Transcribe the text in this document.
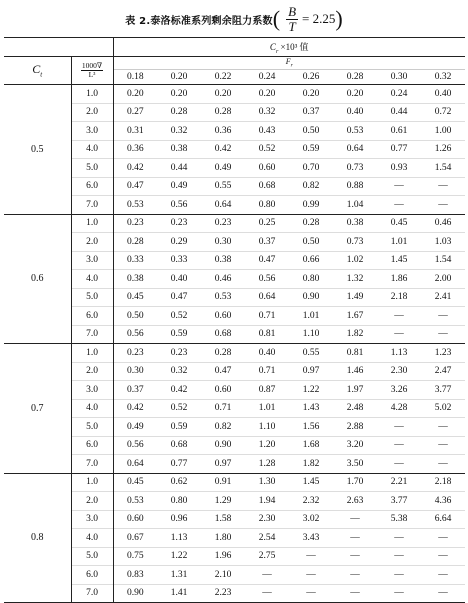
表 2.泰洛标准系列剩余阻力系数 ( $\frac{B}{T} = 2.25$ )
		$C_r \times 10^3$ 值							
$C_t$	$\frac{1000\nabla}{\text{L³}}$	$F_r$
		0.18	0.20	0.22	0.24	0.26	0.28	0.30	0.32
0.5	1.0	0.20	0.20	0.20	0.20	0.20	0.20	0.24	0.40
	2.0	0.27	0.28	0.28	0.32	0.37	0.40	0.44	0.72
	3.0	0.31	0.32	0.36	0.43	0.50	0.53	0.61	1.00
	4.0	0.36	0.38	0.42	0.52	0.59	0.64	0.77	1.26
	5.0	0.42	0.44	0.49	0.60	0.70	0.73	0.93	1.54
	6.0	0.47	0.49	0.55	0.68	0.82	0.88	—	—
	7.0	0.53	0.56	0.64	0.80	0.99	1.04	—	—
0.6	1.0	0.23	0.23	0.23	0.25	0.28	0.38	0.45	0.46
	2.0	0.28	0.29	0.30	0.37	0.50	0.73	1.01	1.03
	3.0	0.33	0.33	0.38	0.47	0.66	1.02	1.45	1.54
	4.0	0.38	0.40	0.46	0.56	0.80	1.32	1.86	2.00
	5.0	0.45	0.47	0.53	0.64	0.90	1.49	2.18	2.41
	6.0	0.50	0.52	0.60	0.71	1.01	1.67	—	—
	7.0	0.56	0.59	0.68	0.81	1.10	1.82	—	—
0.7	1.0	0.23	0.23	0.28	0.40	0.55	0.81	1.13	1.23
	2.0	0.30	0.32	0.47	0.71	0.97	1.46	2.30	2.47
	3.0	0.37	0.42	0.60	0.87	1.22	1.97	3.26	3.77
	4.0	0.42	0.52	0.71	1.01	1.43	2.48	4.28	5.02
	5.0	0.49	0.59	0.82	1.10	1.56	2.88	—	—
	6.0	0.56	0.68	0.90	1.20	1.68	3.20	—	—
	7.0	0.64	0.77	0.97	1.28	1.82	3.50	—	—
0.8	1.0	0.45	0.62	0.91	1.30	1.45	1.70	2.21	2.18
	2.0	0.53	0.80	1.29	1.94	2.32	2.63	3.77	4.36
	3.0	0.60	0.96	1.58	2.30	3.02	—	5.38	6.64
	4.0	0.67	1.13	1.80	2.54	3.43	—	—	—
	5.0	0.75	1.22	1.96	2.75	—	—	—	—
	6.0	0.83	1.31	2.10	—	—	—	—	—
	7.0	0.90	1.41	2.23	—	—	—	—	—
